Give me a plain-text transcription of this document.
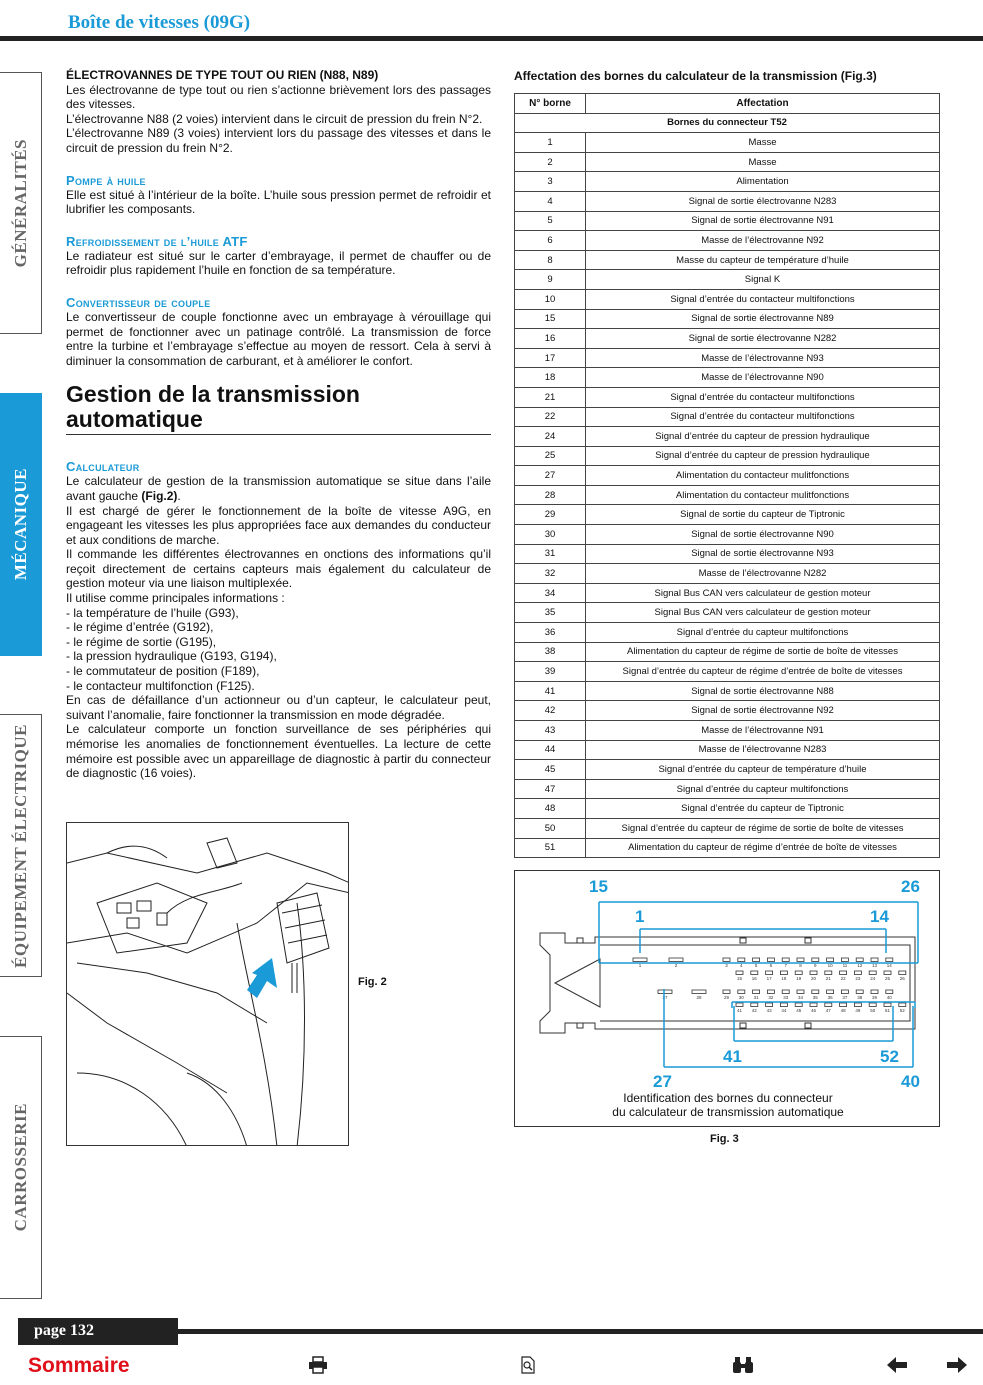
Boîte de vitesses (09G)
GÉNÉRALITÉS
MÉCANIQUE
ÉQUIPEMENT ÉLECTRIQUE
CARROSSERIE
ÉLECTROVANNES DE TYPE TOUT OU RIEN (N88, N89)

Les électrovanne de type tout ou rien s’actionne brièvement lors des passages des vitesses.

L’électrovanne N88 (2 voies) intervient dans le circuit de pression du frein N°2.

L’électrovanne N89 (3 voies) intervient lors du passage des vitesses et dans le circuit de pression du frein N°2.

Pompe à huile

Elle est situé à l’intérieur de la boîte. L’huile sous pression permet de refroidir et lubrifier les composants.

Refroidissement de l’huile ATF

Le radiateur est situé sur le carter d’embrayage, il permet de chauffer ou de refroidir plus rapidement l’huile en fonction de sa température.

Convertisseur de couple

Le convertisseur de couple fonctionne avec un embrayage à vérouillage qui permet de fonctionner avec un patinage contrôlé. La transmission de force entre la turbine et l’embrayage s’effectue au moyen de ressort. Cela à servi à diminuer la consommation de carburant, et à améliorer le confort.

Gestion de la transmission automatique
Calculateur

Le calculateur de gestion de la transmission automatique se situe dans l’aile avant gauche (Fig.2).

Il est chargé de gérer le fonctionnement de la boîte de vitesse A9G, en engageant les vitesses les plus appropriées face aux demandes du conducteur et aux conditions de marche.

Il commande les différentes électrovannes en onctions des informations qu’il reçoit directement de certains capteurs mais également du calculateur de gestion moteur via une liaison multiplexée.

Il utilise comme principales informations :

- la température de l’huile (G93),
- le régime d’entrée (G192),
- le régime de sortie (G195),
- la pression hydraulique (G193, G194),
- le commutateur de position (F189),
- le contacteur multifonction (F125).

En cas de défaillance d’un actionneur ou d’un capteur, le calculateur peut, suivant l’anomalie, faire fonctionner la transmission en mode dégradée.

Le calculateur comporte un fonction surveillance de ses périphéries qui mémorise les anomalies de fonctionnement éventuelles. La lecture de cette mémoire est possible avec un appareillage de diagnostic à partir du connecteur de diagnostic (16 voies).

Fig. 2
Affectation des bornes du calculateur de la transmission (Fig.3)
N° borne	Affectation
Bornes du connecteur T52	
1	Masse
2	Masse
3	Alimentation
4	Signal de sortie électrovanne N283
5	Signal de sortie électrovanne N91
6	Masse de l’électrovanne N92
8	Masse du capteur de température d’huile
9	Signal K
10	Signal d’entrée du contacteur multifonctions
15	Signal de sortie électrovanne N89
16	Signal de sortie électrovanne N282
17	Masse de l’électrovanne N93
18	Masse de l’électrovanne N90
21	Signal d’entrée du contacteur multifonctions
22	Signal d’entrée du contacteur multifonctions
24	Signal d’entrée du capteur de pression hydraulique
25	Signal d’entrée du capteur de pression hydraulique
27	Alimentation du contacteur mulitfonctions
28	Alimentation du contacteur mulitfonctions
29	Signal de sortie du capteur de Tiptronic
30	Signal de sortie électrovanne N90
31	Signal de sortie électrovanne N93
32	Masse de l’électrovanne N282
34	Signal Bus CAN vers calculateur de gestion moteur
35	Signal Bus CAN vers calculateur de gestion moteur
36	Signal d’entrée du capteur multifonctions
38	Alimentation du capteur de régime de sortie de boîte de vitesses
39	Signal d’entrée du capteur de régime d’entrée de boîte de vitesses
41	Signal de sortie électrovanne N88
42	Signal de sortie électrovanne N92
43	Masse de l’électrovanne N91
44	Masse de l’électrovanne N283
45	Signal d’entrée du capteur de température d’huile
47	Signal d’entrée du capteur multifonctions
48	Signal d’entrée du capteur de Tiptronic
50	Signal d’entrée du capteur de régime de sortie de boîte de vitesses
51	Alimentation du capteur de régime d’entrée de boîte de vitesses
1	2	3	4	5	6	7	8	9 10 11 12 13 14
15 16 17 18 19 20 21 22 23 24 25 26
27	28	29 30 31 32 33 34 35 36 37 38 39 40
41 42 43 44 45 46 47 48 49 50 51 52
15	26
1	14
41	52
27	40
Identification des bornes du connecteur
du calculateur de transmission automatique
Fig. 3
page 132
Sommaire
